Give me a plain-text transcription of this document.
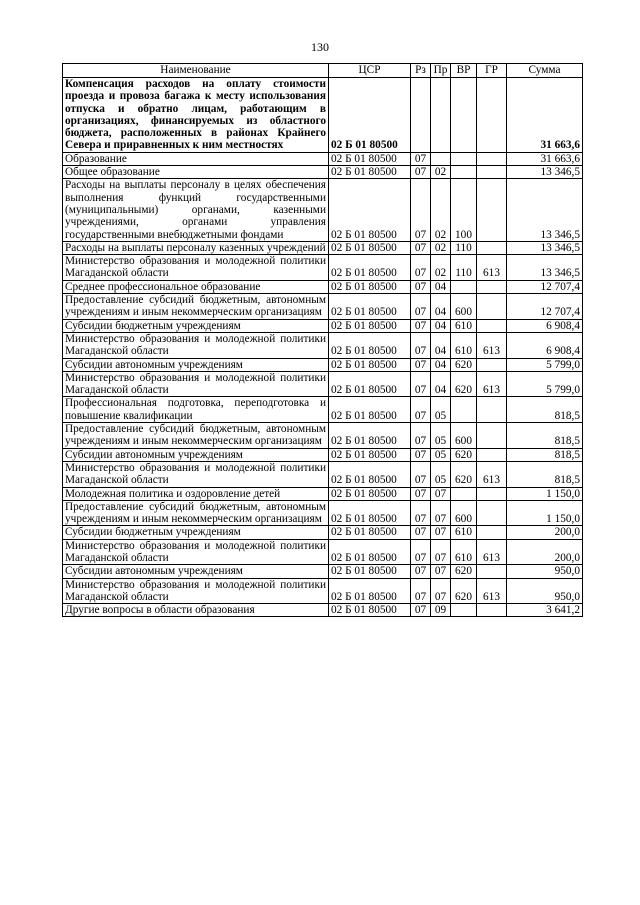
130
Наименование	ЦСР	Рз	Пр	ВР	ГР	Сумма
Компенсация расходов на оплату стоимости проезда и провоза багажа к месту использования отпуска и обратно лицам, работающим в организациях, финансируемых из областного бюджета, расположенных в районах Крайнего Севера и приравненных к ним местностях	02 Б 01 80500					31 663,6
Образование	02 Б 01 80500	07				31 663,6
Общее образование	02 Б 01 80500	07	02			13 346,5
Расходы на выплаты персоналу в целях обеспечения выполнения функций государственными (муниципальными) органами, казенными учреждениями, органами управления государственными внебюджетными фондами	02 Б 01 80500	07	02	100		13 346,5
Расходы на выплаты персоналу казенных учреждений	02 Б 01 80500	07	02	110		13 346,5
Министерство образования и молодежной политики Магаданской области	02 Б 01 80500	07	02	110	613	13 346,5
Среднее профессиональное образование	02 Б 01 80500	07	04			12 707,4
Предоставление субсидий бюджетным, автономным учреждениям и иным некоммерческим организациям	02 Б 01 80500	07	04	600		12 707,4
Субсидии бюджетным учреждениям	02 Б 01 80500	07	04	610		6 908,4
Министерство образования и молодежной политики Магаданской области	02 Б 01 80500	07	04	610	613	6 908,4
Субсидии автономным учреждениям	02 Б 01 80500	07	04	620		5 799,0
Министерство образования и молодежной политики Магаданской области	02 Б 01 80500	07	04	620	613	5 799,0
Профессиональная подготовка, переподготовка и повышение квалификации	02 Б 01 80500	07	05			818,5
Предоставление субсидий бюджетным, автономным учреждениям и иным некоммерческим организациям	02 Б 01 80500	07	05	600		818,5
Субсидии автономным учреждениям	02 Б 01 80500	07	05	620		818,5
Министерство образования и молодежной политики Магаданской области	02 Б 01 80500	07	05	620	613	818,5
Молодежная политика и оздоровление детей	02 Б 01 80500	07	07			1 150,0
Предоставление субсидий бюджетным, автономным учреждениям и иным некоммерческим организациям	02 Б 01 80500	07	07	600		1 150,0
Субсидии бюджетным учреждениям	02 Б 01 80500	07	07	610		200,0
Министерство образования и молодежной политики Магаданской области	02 Б 01 80500	07	07	610	613	200,0
Субсидии автономным учреждениям	02 Б 01 80500	07	07	620		950,0
Министерство образования и молодежной политики Магаданской области	02 Б 01 80500	07	07	620	613	950,0
Другие вопросы в области образования	02 Б 01 80500	07	09			3 641,2
